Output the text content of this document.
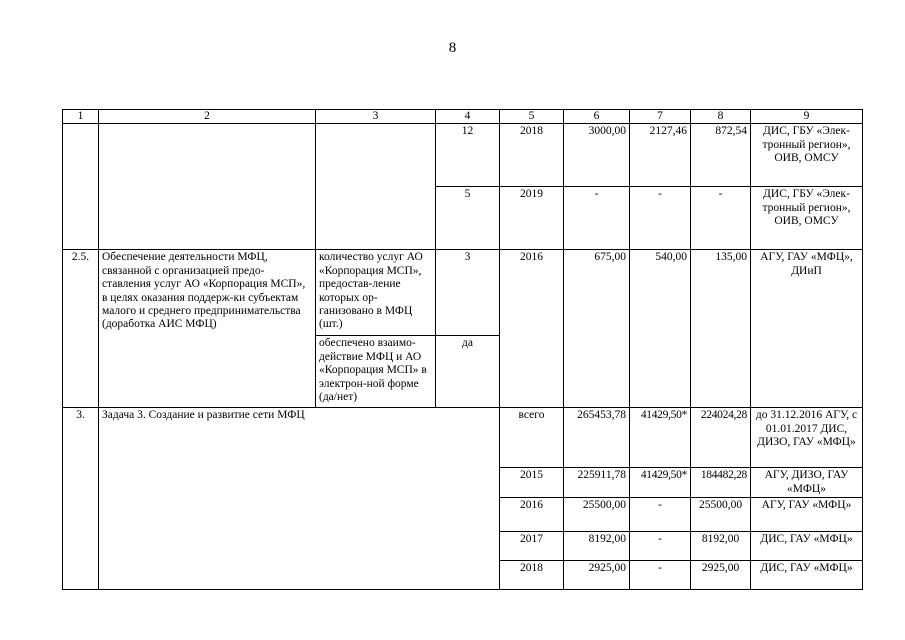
8
1	2	3	4	5	6	7	8	9
			12	2018	3000,00	2127,46	872,54	ДИС, ГБУ «Элек-тронный регион», ОИВ, ОМСУ
			5	2019	-	-	-	ДИС, ГБУ «Элек-тронный регион», ОИВ, ОМСУ
2.5.	Обеспечение деятельности МФЦ, связанной с организацией предо-ставления услуг АО «Корпорация МСП», в целях оказания поддерж-ки субъектам малого и среднего предпринимательства (доработка АИС МФЦ)	количество услуг АО «Корпорация МСП», предостав-ление которых ор-ганизовано в МФЦ (шт.)	3	2016	675,00	540,00	135,00	АГУ, ГАУ «МФЦ», ДИиП
		обеспечено взаимо-действие МФЦ и АО «Корпорация МСП» в электрон-ной форме (да/нет)	да					
3.	Задача 3. Создание и развитие сети МФЦ			всего	265453,78	41429,50*	224024,28	до 31.12.2016 АГУ, с 01.01.2017 ДИС, ДИЗО, ГАУ «МФЦ»
				2015	225911,78	41429,50*	184482,28	АГУ, ДИЗО, ГАУ «МФЦ»
				2016	25500,00	-	25500,00	АГУ, ГАУ «МФЦ»
				2017	8192,00	-	8192,00	ДИС, ГАУ «МФЦ»
				2018	2925,00	-	2925,00	ДИС, ГАУ «МФЦ»
